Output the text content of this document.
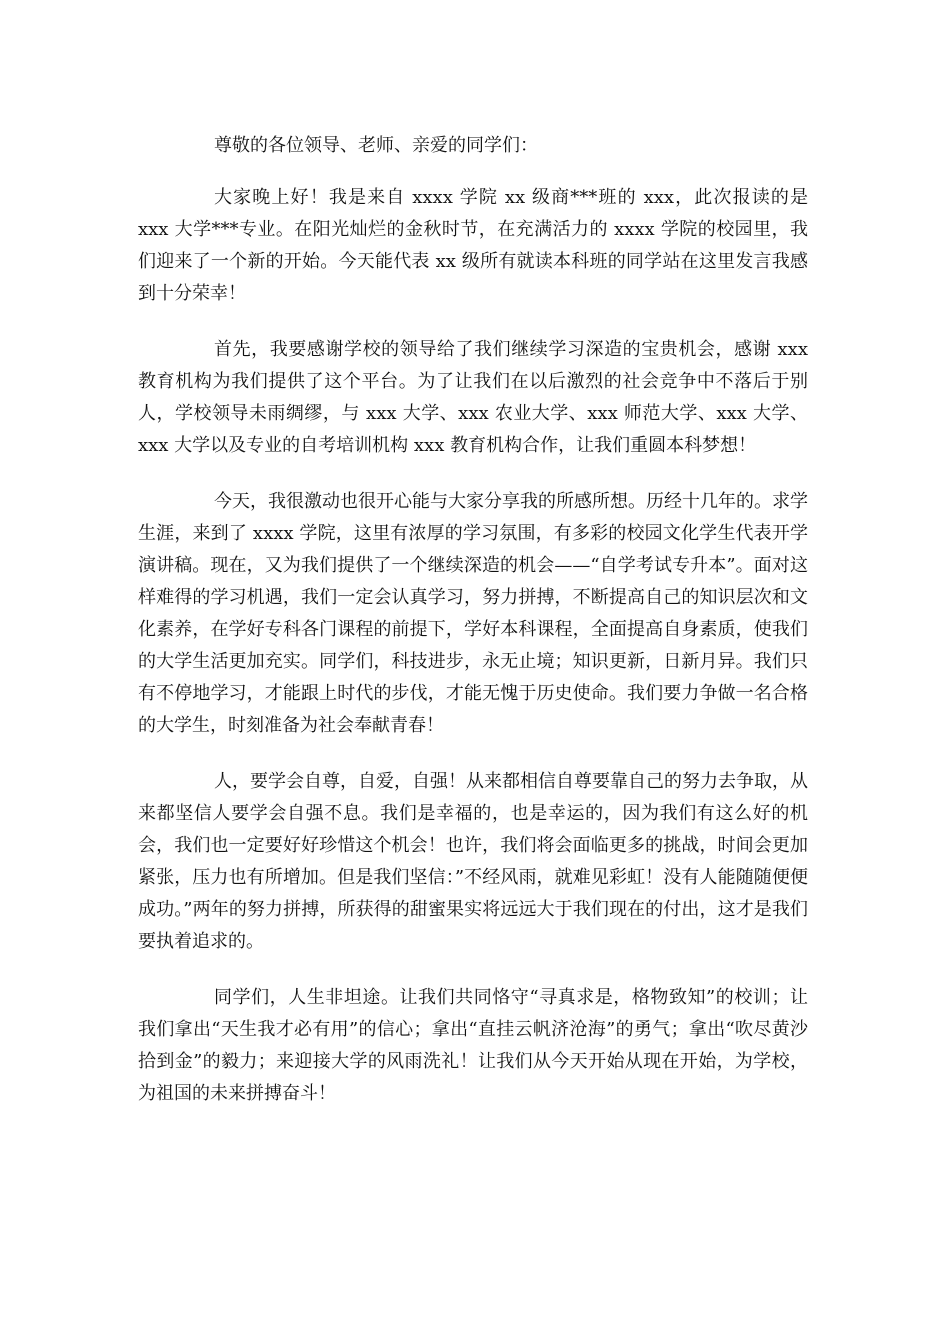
尊敬的各位领导、老师、亲爱的同学们：

大家晚上好！我是来自 xxxx 学院 xx 级商***班的 xxx，此次报读的是 xxx 大学***专业。在阳光灿烂的金秋时节，在充满活力的 xxxx 学院的校园里，我们迎来了一个新的开始。今天能代表 xx 级所有就读本科班的同学站在这里发言我感到十分荣幸！

首先，我要感谢学校的领导给了我们继续学习深造的宝贵机会，感谢 xxx 教育机构为我们提供了这个平台。为了让我们在以后激烈的社会竞争中不落后于别人，学校领导未雨绸缪，与 xxx 大学、xxx 农业大学、xxx 师范大学、xxx 大学、xxx 大学以及专业的自考培训机构 xxx 教育机构合作，让我们重圆本科梦想！

今天，我很激动也很开心能与大家分享我的所感所想。历经十几年的。求学生涯，来到了 xxxx 学院，这里有浓厚的学习氛围，有多彩的校园文化学生代表开学演讲稿。现在，又为我们提供了一个继续深造的机会——“自学考试专升本”。面对这样难得的学习机遇，我们一定会认真学习，努力拼搏，不断提高自己的知识层次和文化素养，在学好专科各门课程的前提下，学好本科课程，全面提高自身素质，使我们的大学生活更加充实。同学们，科技进步，永无止境；知识更新，日新月异。我们只有不停地学习，才能跟上时代的步伐，才能无愧于历史使命。我们要力争做一名合格的大学生，时刻准备为社会奉献青春！

人，要学会自尊，自爱，自强！从来都相信自尊要靠自己的努力去争取，从来都坚信人要学会自强不息。我们是幸福的，也是幸运的，因为我们有这么好的机会，我们也一定要好好珍惜这个机会！也许，我们将会面临更多的挑战，时间会更加紧张，压力也有所增加。但是我们坚信：”不经风雨，就难见彩虹！没有人能随随便便成功。”两年的努力拼搏，所获得的甜蜜果实将远远大于我们现在的付出，这才是我们要执着追求的。

同学们，人生非坦途。让我们共同恪守“寻真求是，格物致知”的校训；让我们拿出“天生我才必有用”的信心；拿出“直挂云帆济沧海”的勇气；拿出“吹尽黄沙拾到金”的毅力；来迎接大学的风雨洗礼！让我们从今天开始从现在开始，为学校，为祖国的未来拼搏奋斗！
